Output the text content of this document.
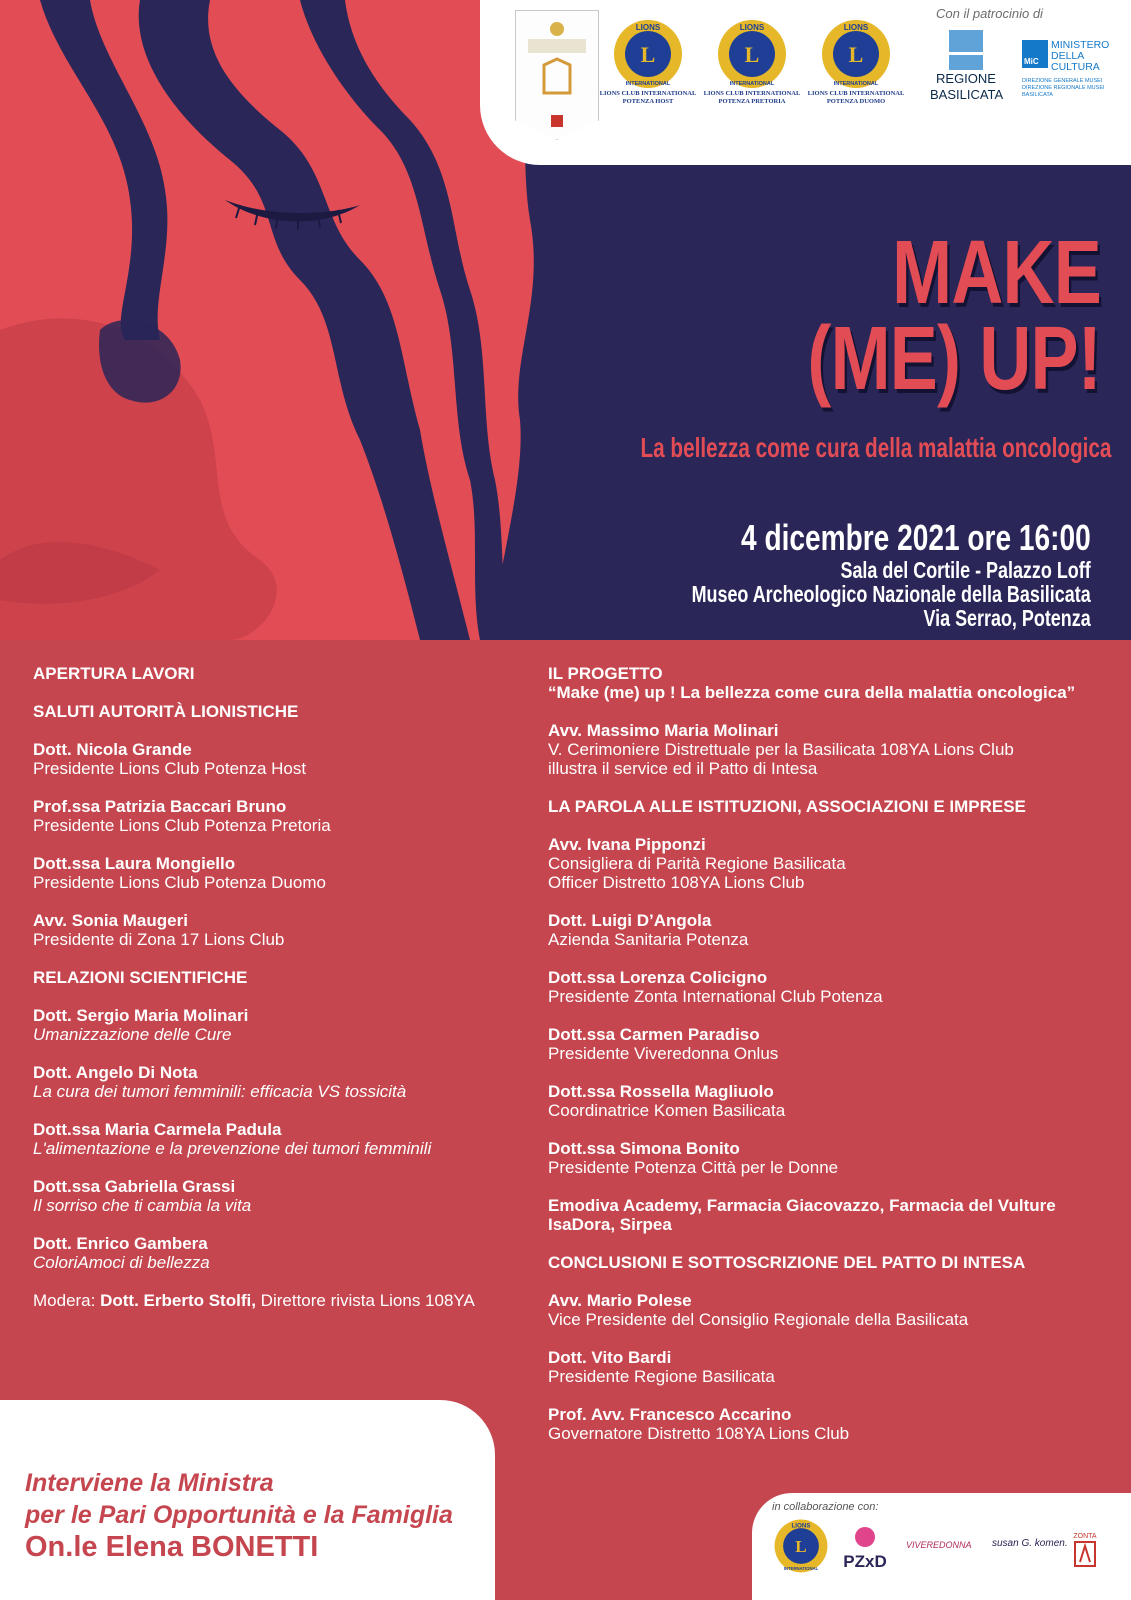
L
LIONS
INTERNATIONAL
LIONS CLUB INTERNATIONAL POTENZA HOST
L
LIONS
INTERNATIONAL
LIONS CLUB INTERNATIONAL POTENZA PRETORIA
L
LIONS
INTERNATIONAL
LIONS CLUB INTERNATIONAL POTENZA DUOMO
Con il patrocinio di
REGIONE
BASILICATA
MiC
MINISTERO
DELLA
CULTURA
DIREZIONE GENERALE MUSEI
DIREZIONE REGIONALE MUSEI
BASILICATA
MAKE
(ME) UP!
La bellezza come cura della malattia oncologica
4 dicembre 2021 ore 16:00
Sala del Cortile - Palazzo Loff
Museo Archeologico Nazionale della Basilicata
Via Serrao, Potenza
APERTURA LAVORI
SALUTI AUTORITÀ LIONISTICHE
Dott. Nicola Grande
Presidente Lions Club Potenza Host
Prof.ssa Patrizia Baccari Bruno
Presidente Lions Club Potenza Pretoria
Dott.ssa Laura Mongiello
Presidente Lions Club Potenza Duomo
Avv. Sonia Maugeri
Presidente di Zona 17 Lions Club
RELAZIONI SCIENTIFICHE
Dott. Sergio Maria Molinari
Umanizzazione delle Cure
Dott. Angelo Di Nota
La cura dei tumori femminili: efficacia VS tossicità
Dott.ssa Maria Carmela Padula
L'alimentazione e la prevenzione dei tumori femminili
Dott.ssa Gabriella Grassi
Il sorriso che ti cambia la vita
Dott. Enrico Gambera
ColoriAmoci di bellezza
Modera: Dott. Erberto Stolfi, Direttore rivista Lions 108YA
IL PROGETTO
“Make (me) up ! La bellezza come cura della malattia oncologica”
Avv. Massimo Maria Molinari
V. Cerimoniere Distrettuale per la Basilicata 108YA Lions Club
illustra il service ed il Patto di Intesa
LA PAROLA ALLE ISTITUZIONI, ASSOCIAZIONI E IMPRESE
Avv. Ivana Pipponzi
Consigliera di Parità Regione Basilicata
Officer Distretto 108YA Lions Club
Dott. Luigi D’Angola
Azienda Sanitaria Potenza
Dott.ssa Lorenza Colicigno
Presidente Zonta International Club Potenza
Dott.ssa Carmen Paradiso
Presidente Viveredonna Onlus
Dott.ssa Rossella Magliuolo
Coordinatrice Komen Basilicata
Dott.ssa Simona Bonito
Presidente Potenza Città per le Donne
Emodiva Academy, Farmacia Giacovazzo, Farmacia del Vulture
IsaDora, Sirpea
CONCLUSIONI E SOTTOSCRIZIONE DEL PATTO DI INTESA
Avv. Mario Polese
Vice Presidente del Consiglio Regionale della Basilicata
Dott. Vito Bardi
Presidente Regione Basilicata
Prof. Avv. Francesco Accarino
Governatore Distretto 108YA Lions Club
Interviene la Ministra
per le Pari Opportunità e la Famiglia
On.le Elena BONETTI
in collaborazione con:
L
LIONS
INTERNATIONAL PZxD
VIVEREDONNA susan G. komen.
ZONTA
